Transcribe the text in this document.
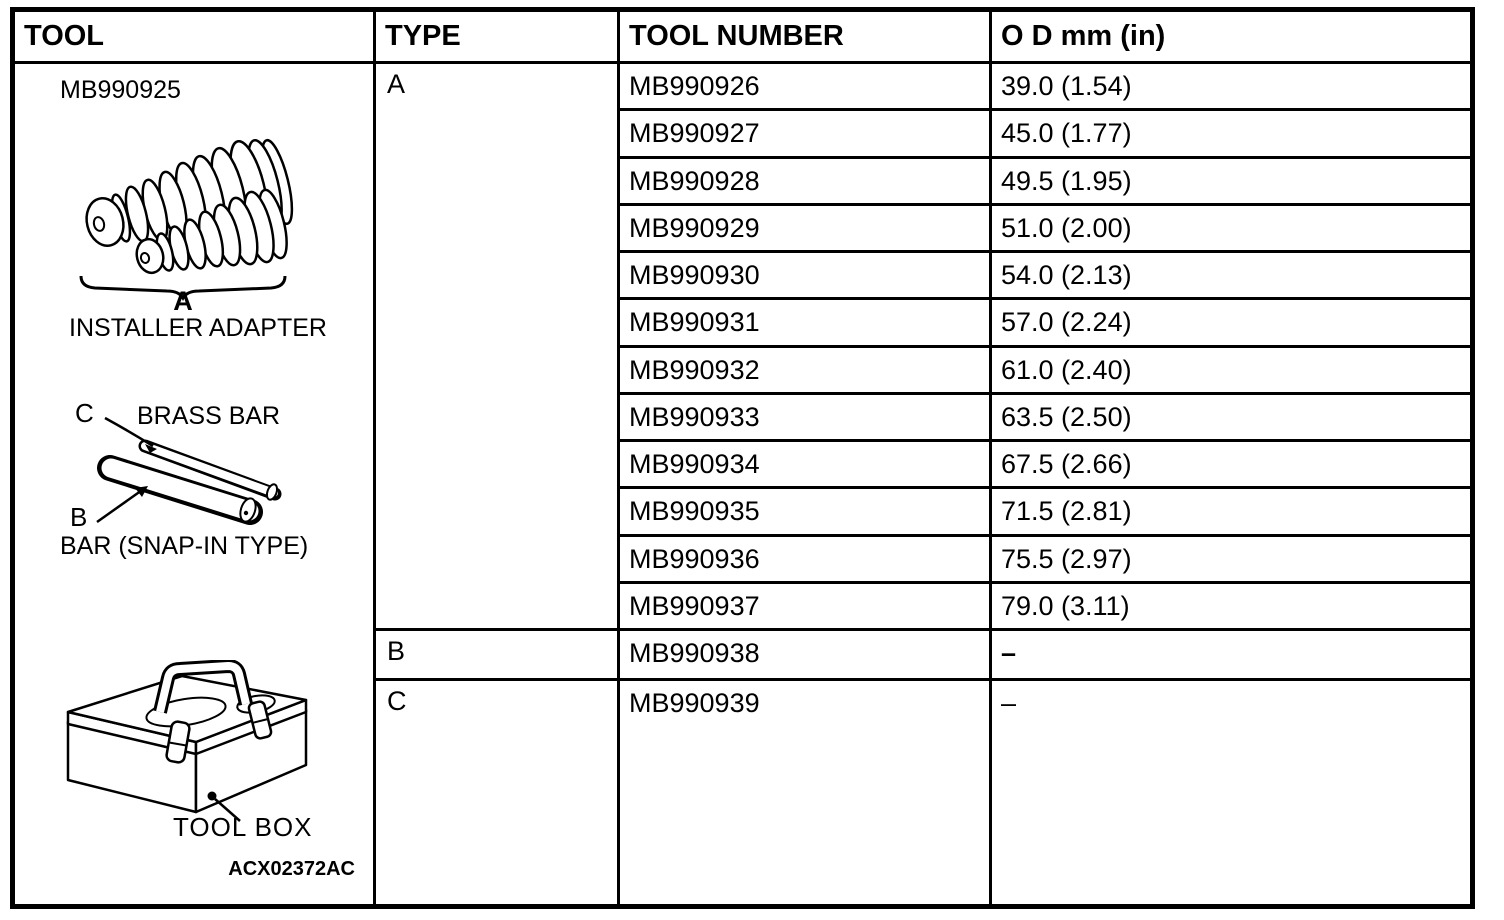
TOOL	TYPE	TOOL NUMBER	O D mm (in)

MB990925
A
INSTALLER ADAPTER
C BRASS BAR
B
BAR (SNAP-IN TYPE)
TOOL BOX
ACX02372AC
	A	MB990926	39.0 (1.54)
		MB990927	45.0 (1.77)
		MB990928	49.5 (1.95)
		MB990929	51.0 (2.00)
		MB990930	54.0 (2.13)
		MB990931	57.0 (2.24)
		MB990932	61.0 (2.40)
		MB990933	63.5 (2.50)
		MB990934	67.5 (2.66)
		MB990935	71.5 (2.81)
		MB990936	75.5 (2.97)
		MB990937	79.0 (3.11)
	B	MB990938	–
	C	MB990939	–
